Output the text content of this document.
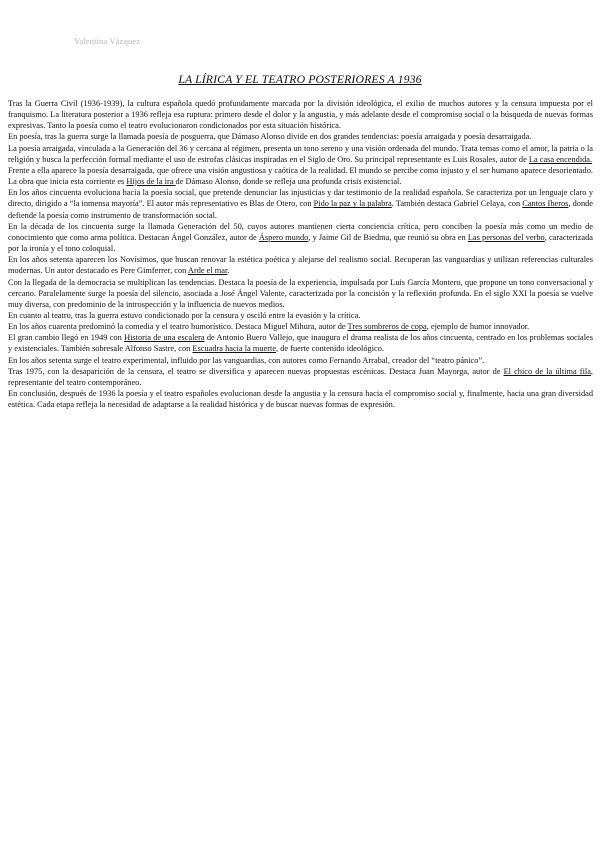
Valentina Vázquez
LA LÍRICA Y EL TEATRO POSTERIORES A 1936

Tras la Guerra Civil (1936-1939), la cultura española quedó profundamente marcada por la división ideológica, el exilio de muchos autores y la censura impuesta por el franquismo. La literatura posterior a 1936 refleja esa ruptura: primero desde el dolor y la angustia, y más adelante desde el compromiso social o la búsqueda de nuevas formas expresivas. Tanto la poesía como el teatro evolucionaron condicionados por esta situación histórica.

En poesía, tras la guerra surge la llamada poesía de posguerra, que Dámaso Alonso divide en dos grandes tendencias: poesía arraigada y poesía desarraigada.

La poesía arraigada, vinculada a la Generación del 36 y cercana al régimen, presenta un tono sereno y una visión ordenada del mundo. Trata temas como el amor, la patria o la religión y busca la perfección formal mediante el uso de estrofas clásicas inspiradas en el Siglo de Oro. Su principal representante es Luis Rosales, autor de La casa encendida.

Frente a ella aparece la poesía desarraigada, que ofrece una visión angustiosa y caótica de la realidad. El mundo se percibe como injusto y el ser humano aparece desorientado. La obra que inicia esta corriente es Hijos de la ira de Dámaso Alonso, donde se refleja una profunda crisis existencial.

En los años cincuenta evoluciona hacia la poesía social, que pretende denunciar las injusticias y dar testimonio de la realidad española. Se caracteriza por un lenguaje claro y directo, dirigido a “la inmensa mayoría”. El autor más representativo es Blas de Otero, con Pido la paz y la palabra. También destaca Gabriel Celaya, con Cantos Iberos, donde defiende la poesía como instrumento de transformación social.

En la década de los cincuenta surge la llamada Generación del 50, cuyos autores mantienen cierta conciencia crítica, pero conciben la poesía más como un medio de conocimiento que como arma política. Destacan Ángel González, autor de Áspero mundo, y Jaime Gil de Biedma, que reunió su obra en Las personas del verbo, caracterizada por la ironía y el tono coloquial.

En los años setenta aparecen los Novísimos, que buscan renovar la estética poética y alejarse del realismo social. Recuperan las vanguardias y utilizan referencias culturales modernas. Un autor destacado es Pere Gimferrer, con Arde el mar.

Con la llegada de la democracia se multiplican las tendencias. Destaca la poesía de la experiencia, impulsada por Luis García Montero, que propone un tono conversacional y cercano. Paralelamente surge la poesía del silencio, asociada a José Ángel Valente, caracterizada por la concisión y la reflexión profunda. En el siglo XXI la poesía se vuelve muy diversa, con predominio de la introspección y la influencia de nuevos medios.

En cuanto al teatro, tras la guerra estuvo condicionado por la censura y osciló entre la evasión y la crítica.

En los años cuarenta predominó la comedia y el teatro humorístico. Destaca Miguel Mihura, autor de Tres sombreros de copa, ejemplo de humor innovador.

El gran cambio llegó en 1949 con Historia de una escalera de Antonio Buero Vallejo, que inaugura el drama realista de los años cincuenta, centrado en los problemas sociales y existenciales. También sobresale Alfonso Sastre, con Escuadra hacia la muerte, de fuerte contenido ideológico.

En los años setenta surge el teatro experimental, influido por las vanguardias, con autores como Fernando Arrabal, creador del “teatro pánico”.

Tras 1975, con la desaparición de la censura, el teatro se diversifica y aparecen nuevas propuestas escénicas. Destaca Juan Mayorga, autor de El chico de la última fila, representante del teatro contemporáneo.

En conclusión, después de 1936 la poesía y el teatro españoles evolucionan desde la angustia y la censura hacia el compromiso social y, finalmente, hacia una gran diversidad estética. Cada etapa refleja la necesidad de adaptarse a la realidad histórica y de buscar nuevas formas de expresión.
